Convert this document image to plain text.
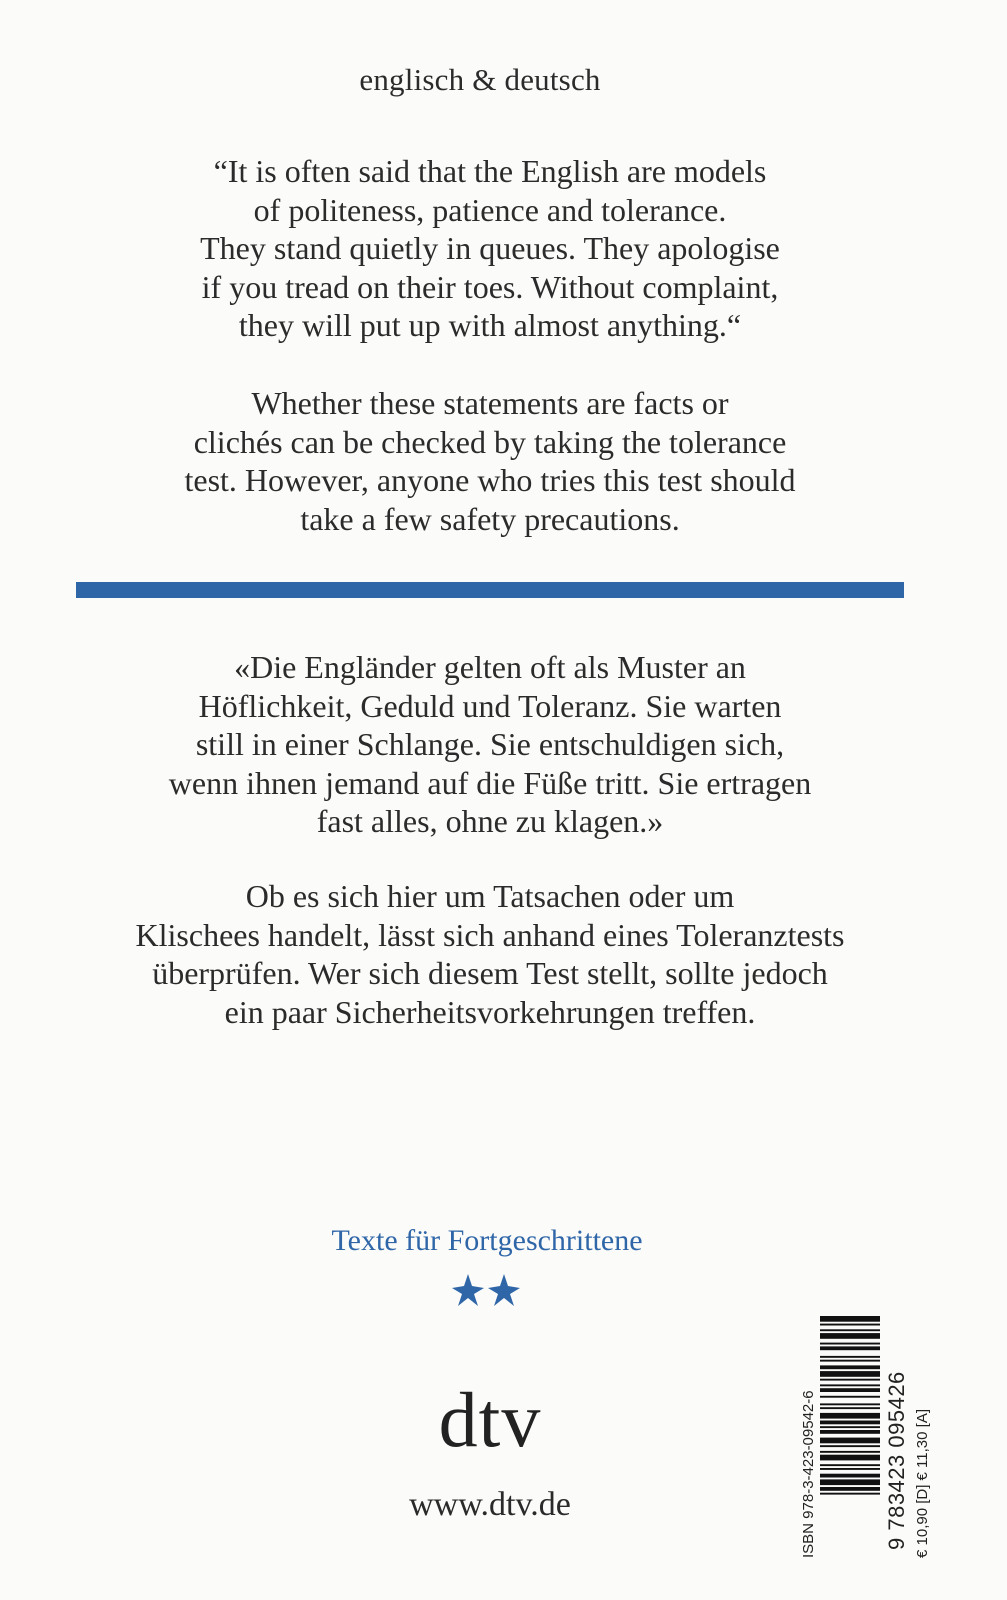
englisch & deutsch
“It is often said that the English are models
of politeness, patience and tolerance.
They stand quietly in queues. They apologise
if you tread on their toes. Without complaint,
they will put up with almost anything.“
Whether these statements are facts or
clichés can be checked by taking the tolerance
test. However, anyone who tries this test should
take a few safety precautions.
«Die Engländer gelten oft als Muster an
Höflichkeit, Geduld und Toleranz. Sie warten
still in einer Schlange. Sie entschuldigen sich,
wenn ihnen jemand auf die Füße tritt. Sie ertragen
fast alles, ohne zu klagen.»
Ob es sich hier um Tatsachen oder um
Klischees handelt, lässt sich anhand eines Toleranztests
überprüfen. Wer sich diesem Test stellt, sollte jedoch
ein paar Sicherheitsvorkehrungen treffen.
Texte für Fortgeschrittene
dtv
www.dtv.de	ISBN 978-3-423-09542-6	9 783423 095426 € 10,90 [D] € 11,30 [A]
